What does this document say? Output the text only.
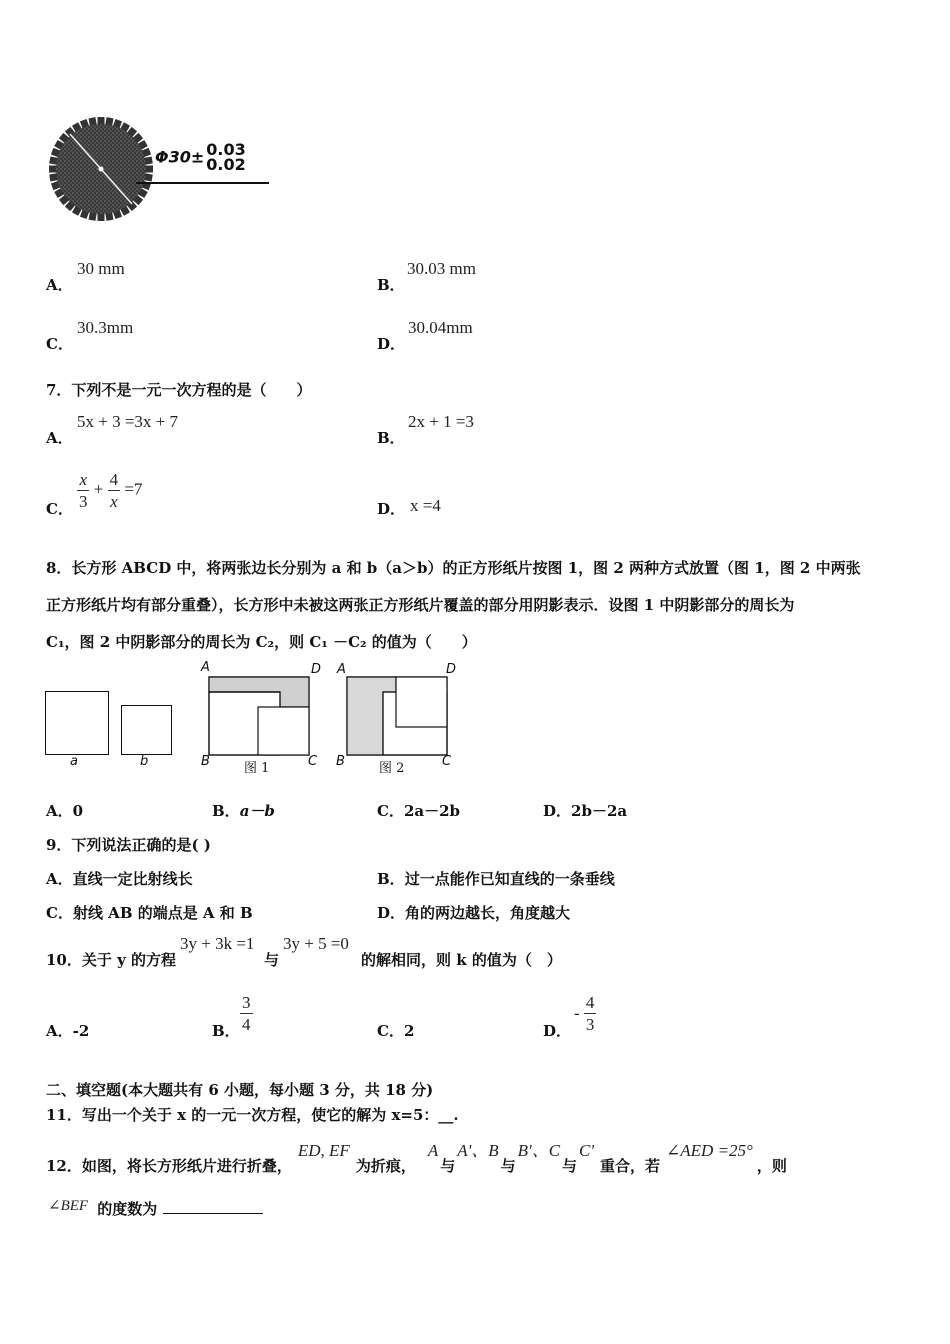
Φ30± 0.03
0.02
A．
30 mm
B．
30.03 mm
C．
30.3mm
D．
30.04mm
7．下列不是一元一次方程的是（　　）
A．
5x + 3 =3x + 7
B．
2x + 1 =3
C． $\frac{x}{3} + \frac{4}{x} =7$
D． x =4
8．长方形 ABCD 中，将两张边长分别为 a 和 b（a＞b）的正方形纸片按图 1，图 2 两种方式放置（图 1，图 2 中两张
正方形纸片均有部分重叠），长方形中未被这两张正方形纸片覆盖的部分用阴影表示．设图 1 中阴影部分的周长为
C₁，图 2 中阴影部分的周长为 C₂，则 C₁ －C₂ 的值为（　　）
a	b
A	D
B	C
图 1
A	D
B	C
图 2
A．0	B．a－b	C．2a－2b	D．2b－2a
9．下列说法正确的是( )
A．直线一定比射线长	B．过一点能作已知直线的一条垂线
C．射线 AB 的端点是 A 和 B	D．角的两边越长，角度越大
10．关于 y 的方程
3y + 3k =1
与
3y + 5 =0
的解相同，则 k 的值为（　）
A．-2	B． $\frac{3}{4}$	C．2	D．
- $\frac{4}{3}$
二、填空题(本大题共有 6 小题，每小题 3 分，共 18 分)
11．写出一个关于 x 的一元一次方程，使它的解为 x=5：__.
12．如图，将长方形纸片进行折叠，ED, EF为折痕，A与A'、B与B'、C与C'重合，若∠AED =25°，则
∠BEF 的度数为
